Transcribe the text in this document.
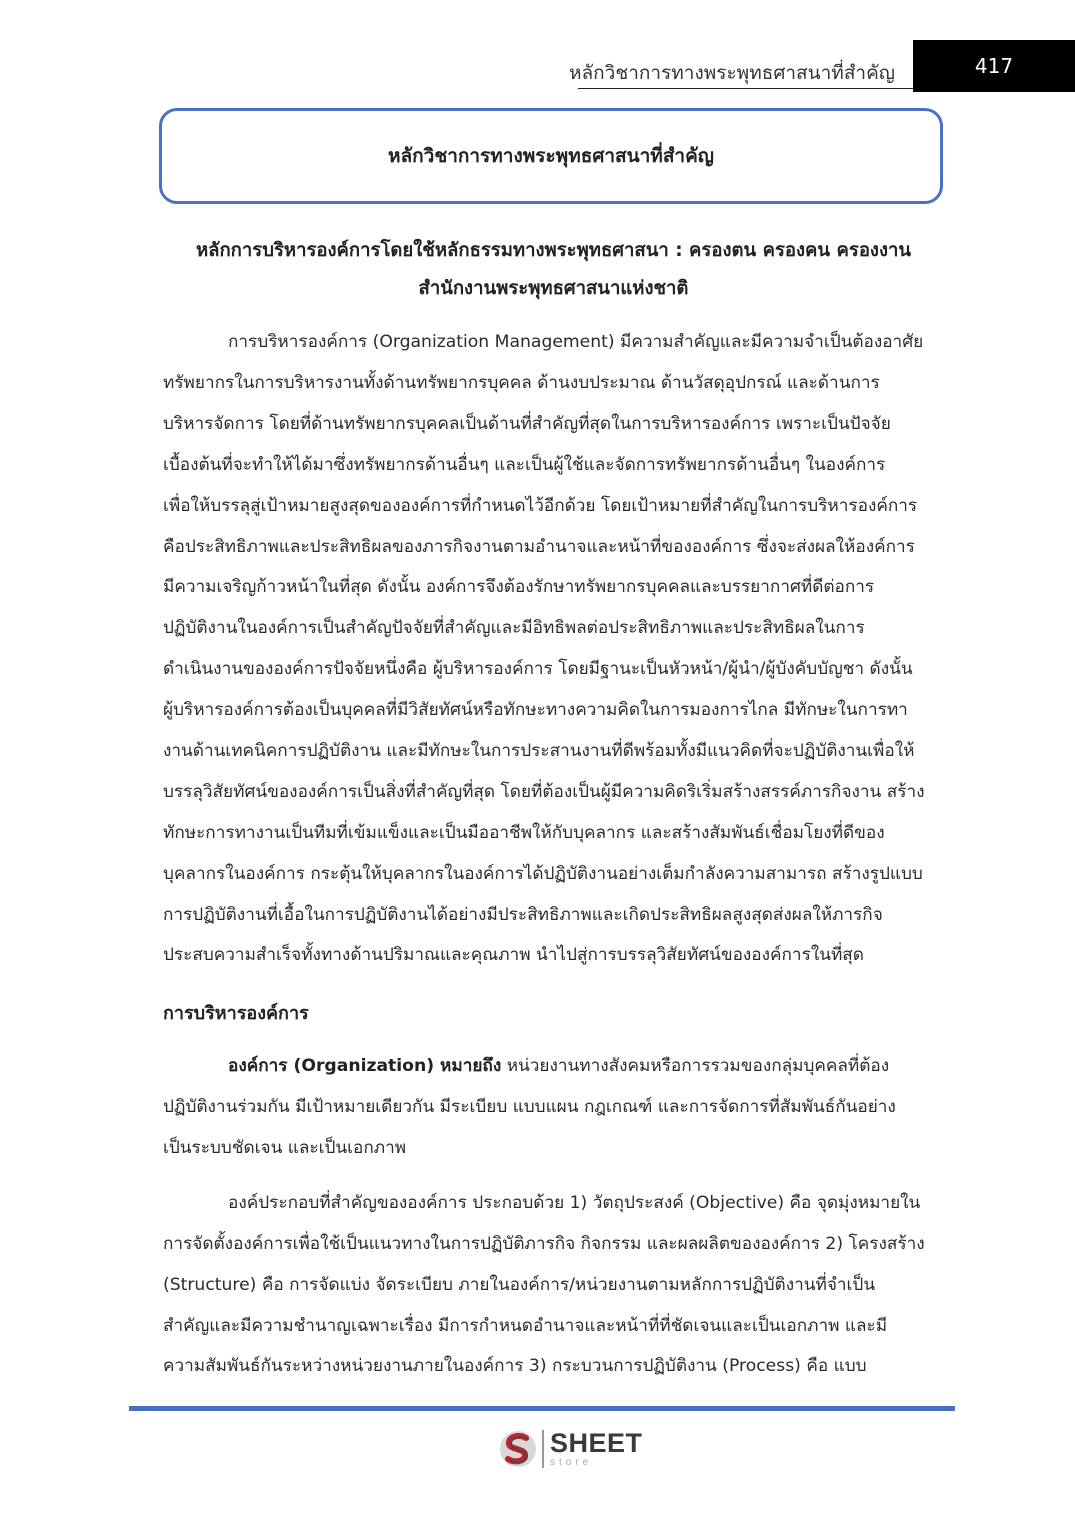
หลักวิชาการทางพระพุทธศาสนาที่สำคัญ	417
หลักวิชาการทางพระพุทธศาสนาที่สำคัญ
หลักการบริหารองค์การโดยใช้หลักธรรมทางพระพุทธศาสนา : ครองตน ครองคน ครองงาน
สำนักงานพระพุทธศาสนาแห่งชาติ
การบริหารองค์การ (Organization Management) มีความสำคัญและมีความจำเป็นต้องอาศัย
ทรัพยากรในการบริหารงานทั้งด้านทรัพยากรบุคคล ด้านงบประมาณ ด้านวัสดุอุปกรณ์ และด้านการ
บริหารจัดการ โดยที่ด้านทรัพยากรบุคคลเป็นด้านที่สำคัญที่สุดในการบริหารองค์การ เพราะเป็นปัจจัย
เบื้องต้นที่จะทำให้ได้มาซึ่งทรัพยากรด้านอื่นๆ และเป็นผู้ใช้และจัดการทรัพยากรด้านอื่นๆ ในองค์การ
เพื่อให้บรรลุสู่เป้าหมายสูงสุดขององค์การที่กำหนดไว้อีกด้วย โดยเป้าหมายที่สำคัญในการบริหารองค์การ
คือประสิทธิภาพและประสิทธิผลของภารกิจงานตามอำนาจและหน้าที่ขององค์การ ซึ่งจะส่งผลให้องค์การ
มีความเจริญก้าวหน้าในที่สุด ดังนั้น องค์การจึงต้องรักษาทรัพยากรบุคคลและบรรยากาศที่ดีต่อการ
ปฏิบัติงานในองค์การเป็นสำคัญปัจจัยที่สำคัญและมีอิทธิพลต่อประสิทธิภาพและประสิทธิผลในการ
ดำเนินงานขององค์การปัจจัยหนึ่งคือ ผู้บริหารองค์การ โดยมีฐานะเป็นหัวหน้า/ผู้นำ/ผู้บังคับบัญชา ดังนั้น
ผู้บริหารองค์การต้องเป็นบุคคลที่มีวิสัยทัศน์หรือทักษะทางความคิดในการมองการไกล มีทักษะในการทา
งานด้านเทคนิคการปฏิบัติงาน และมีทักษะในการประสานงานที่ดีพร้อมทั้งมีแนวคิดที่จะปฏิบัติงานเพื่อให้
บรรลุวิสัยทัศน์ขององค์การเป็นสิ่งที่สำคัญที่สุด โดยที่ต้องเป็นผู้มีความคิดริเริ่มสร้างสรรค์ภารกิจงาน สร้าง
ทักษะการทางานเป็นทีมที่เข้มแข็งและเป็นมืออาชีพให้กับบุคลากร และสร้างสัมพันธ์เชื่อมโยงที่ดีของ
บุคลากรในองค์การ กระตุ้นให้บุคลากรในองค์การได้ปฏิบัติงานอย่างเต็มกำลังความสามารถ สร้างรูปแบบ
การปฏิบัติงานที่เอื้อในการปฏิบัติงานได้อย่างมีประสิทธิภาพและเกิดประสิทธิผลสูงสุดส่งผลให้ภารกิจ
ประสบความสำเร็จทั้งทางด้านปริมาณและคุณภาพ นำไปสู่การบรรลุวิสัยทัศน์ขององค์การในที่สุด
การบริหารองค์การ
องค์การ (Organization) หมายถึง หน่วยงานทางสังคมหรือการรวมของกลุ่มบุคคลที่ต้อง
ปฏิบัติงานร่วมกัน มีเป้าหมายเดียวกัน มีระเบียบ แบบแผน กฎเกณฑ์ และการจัดการที่สัมพันธ์กันอย่าง
เป็นระบบชัดเจน และเป็นเอกภาพ
องค์ประกอบที่สำคัญขององค์การ ประกอบด้วย 1) วัตถุประสงค์ (Objective) คือ จุดมุ่งหมายใน
การจัดตั้งองค์การเพื่อใช้เป็นแนวทางในการปฏิบัติภารกิจ กิจกรรม และผลผลิตขององค์การ 2) โครงสร้าง
(Structure) คือ การจัดแบ่ง จัดระเบียบ ภายในองค์การ/หน่วยงานตามหลักการปฏิบัติงานที่จำเป็น
สำคัญและมีความชำนาญเฉพาะเรื่อง มีการกำหนดอำนาจและหน้าที่ที่ชัดเจนและเป็นเอกภาพ และมี
ความสัมพันธ์กันระหว่างหน่วยงานภายในองค์การ 3) กระบวนการปฏิบัติงาน (Process) คือ แบบ
SHEET
store
